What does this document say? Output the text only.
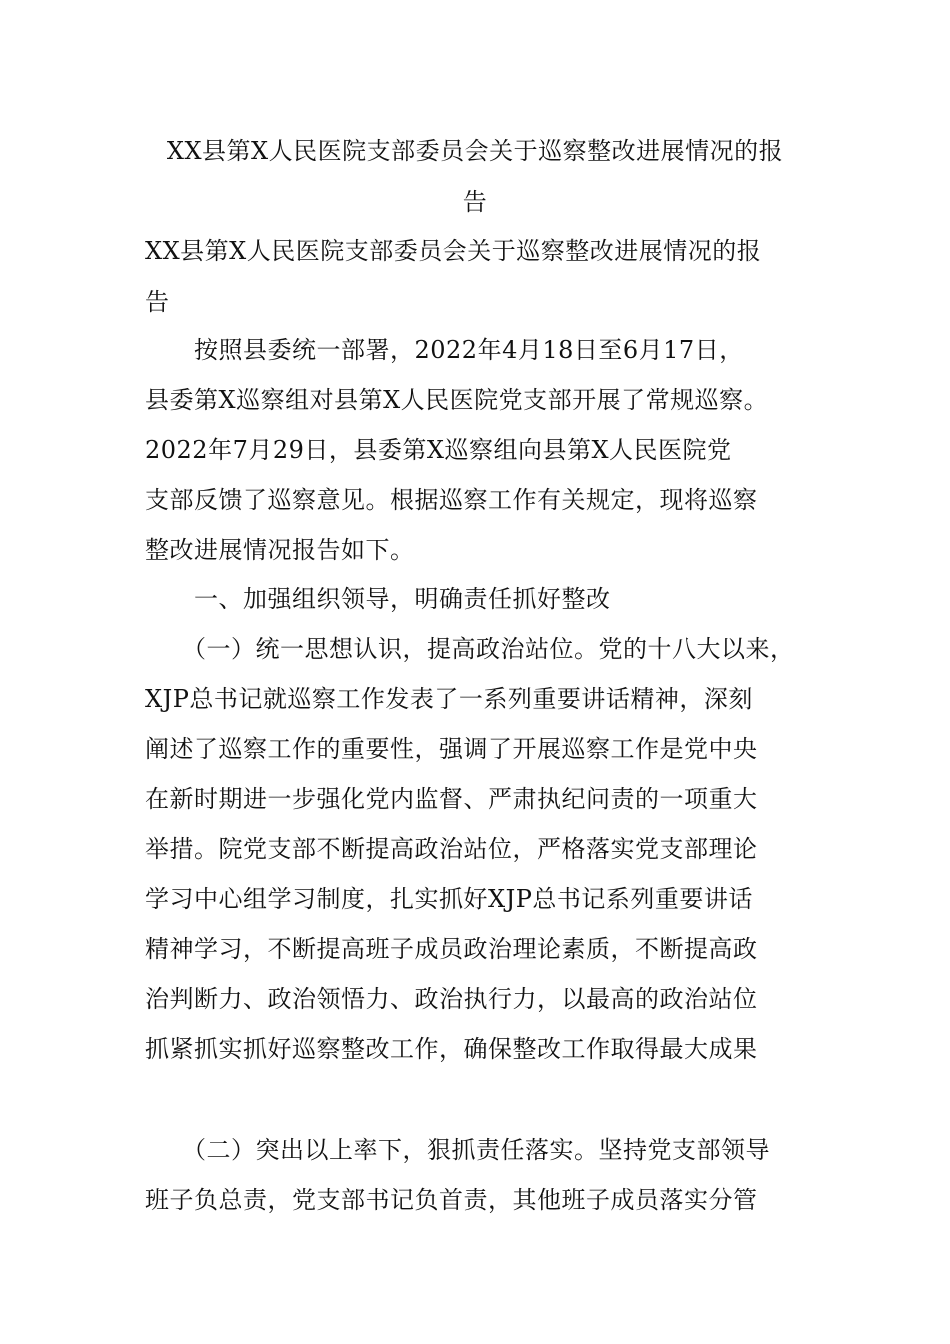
XX县第X人民医院支部委员会关于巡察整改进展情况的报
告
XX县第X人民医院支部委员会关于巡察整改进展情况的报
告
　　按照县委统一部署，2022年4月18日至6月17日，
县委第X巡察组对县第X人民医院党支部开展了常规巡察。
2022年7月29日，县委第X巡察组向县第X人民医院党
支部反馈了巡察意见。根据巡察工作有关规定，现将巡察
整改进展情况报告如下。
　　一、加强组织领导，明确责任抓好整改
　　（一）统一思想认识，提高政治站位。党的十八大以来，
XJP总书记就巡察工作发表了一系列重要讲话精神，深刻
阐述了巡察工作的重要性，强调了开展巡察工作是党中央
在新时期进一步强化党内监督、严肃执纪问责的一项重大
举措。院党支部不断提高政治站位，严格落实党支部理论
学习中心组学习制度，扎实抓好XJP总书记系列重要讲话
精神学习，不断提高班子成员政治理论素质，不断提高政
治判断力、政治领悟力、政治执行力，以最高的政治站位
抓紧抓实抓好巡察整改工作，确保整改工作取得最大成果
　　（二）突出以上率下，狠抓责任落实。坚持党支部领导
班子负总责，党支部书记负首责，其他班子成员落实分管
